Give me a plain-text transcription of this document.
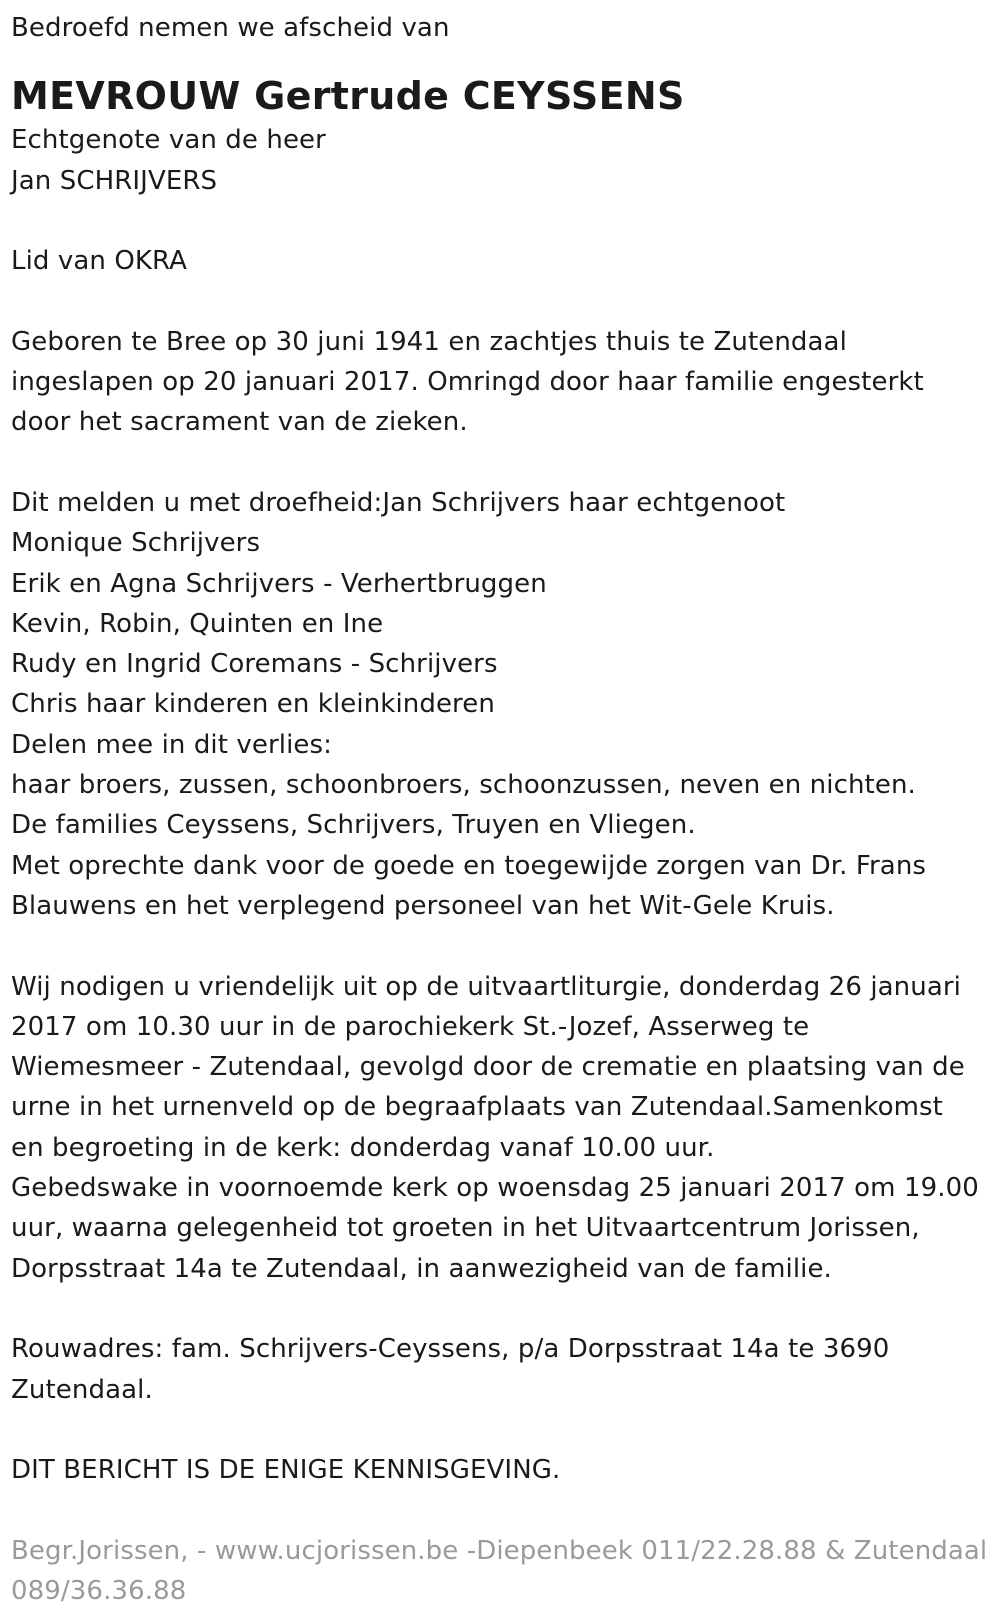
Bedroefd nemen we afscheid van
MEVROUW Gertrude CEYSSENS
Echtgenote van de heer
Jan SCHRIJVERS
Lid van OKRA
Geboren te Bree op 30 juni 1941 en zachtjes thuis te Zutendaal
ingeslapen op 20 januari 2017. Omringd door haar familie engesterkt
door het sacrament van de zieken.
Dit melden u met droefheid:Jan Schrijvers haar echtgenoot
Monique Schrijvers
Erik en Agna Schrijvers - Verhertbruggen
Kevin, Robin, Quinten en Ine
Rudy en Ingrid Coremans - Schrijvers
Chris haar kinderen en kleinkinderen
Delen mee in dit verlies:
haar broers, zussen, schoonbroers, schoonzussen, neven en nichten.
De families Ceyssens, Schrijvers, Truyen en Vliegen.
Met oprechte dank voor de goede en toegewijde zorgen van Dr. Frans
Blauwens en het verplegend personeel van het Wit-Gele Kruis.
Wij nodigen u vriendelijk uit op de uitvaartliturgie, donderdag 26 januari
2017 om 10.30 uur in de parochiekerk St.-Jozef, Asserweg te
Wiemesmeer - Zutendaal, gevolgd door de crematie en plaatsing van de
urne in het urnenveld op de begraafplaats van Zutendaal.Samenkomst
en begroeting in de kerk: donderdag vanaf 10.00 uur.
Gebedswake in voornoemde kerk op woensdag 25 januari 2017 om 19.00
uur, waarna gelegenheid tot groeten in het Uitvaartcentrum Jorissen,
Dorpsstraat 14a te Zutendaal, in aanwezigheid van de familie.
Rouwadres: fam. Schrijvers-Ceyssens, p/a Dorpsstraat 14a te 3690
Zutendaal.
DIT BERICHT IS DE ENIGE KENNISGEVING.
Begr.Jorissen, - www.ucjorissen.be -Diepenbeek 011/22.28.88 & Zutendaal
089/36.36.88
